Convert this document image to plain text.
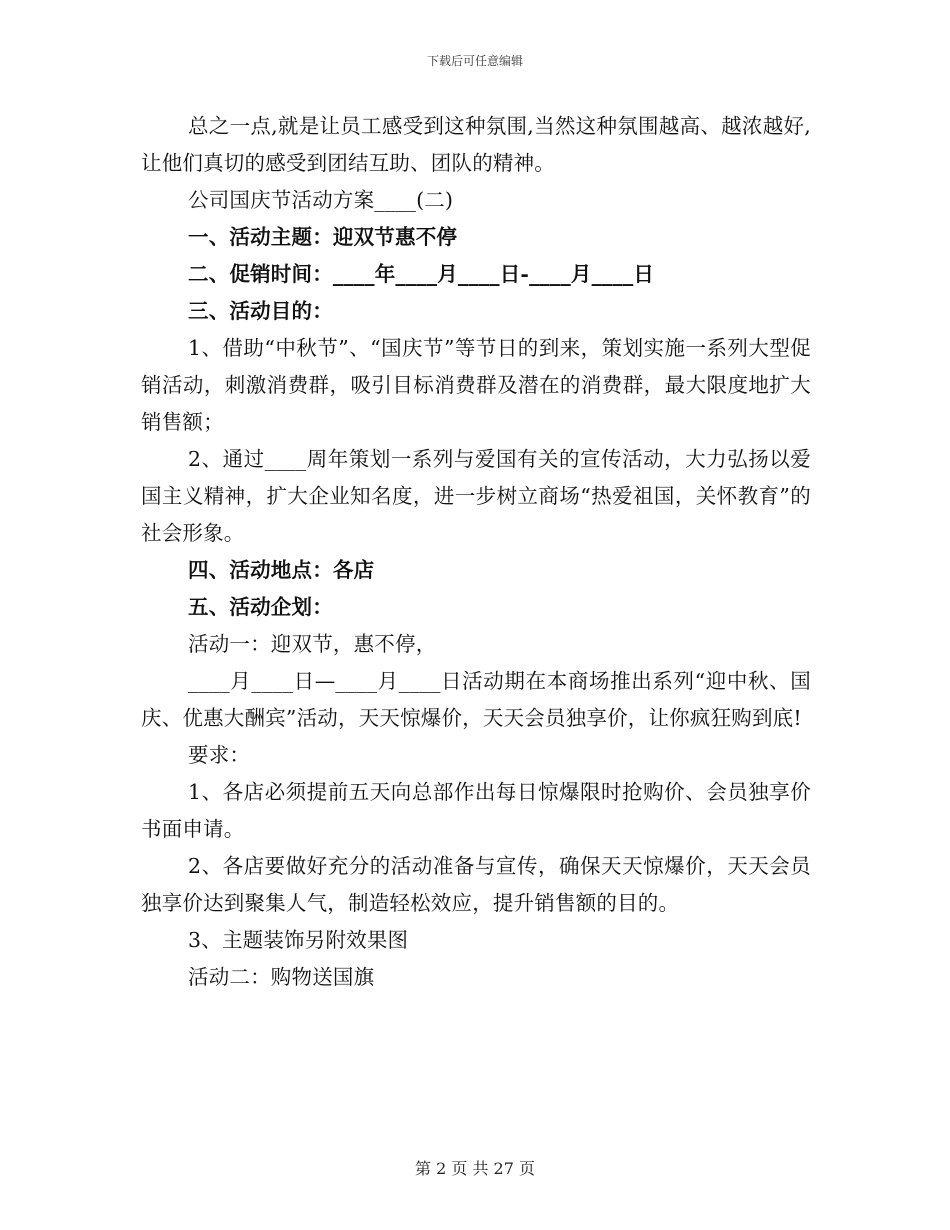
下载后可任意编辑

总之一点,就是让员工感受到这种氛围,当然这种氛围越高、越浓越好,让他们真切的感受到团结互助、团队的精神。

公司国庆节活动方案____(二)

一、活动主题：迎双节惠不停

二、促销时间：____年____月____日-____月____日

三、活动目的：

1、借助“中秋节”、“国庆节”等节日的到来，策划实施一系列大型促销活动，刺激消费群，吸引目标消费群及潜在的消费群，最大限度地扩大销售额；

2、通过____周年策划一系列与爱国有关的宣传活动，大力弘扬以爱国主义精神，扩大企业知名度，进一步树立商场“热爱祖国，关怀教育”的社会形象。

四、活动地点：各店

五、活动企划：

活动一：迎双节，惠不停，

____月____日—____月____日活动期在本商场推出系列“迎中秋、国庆、优惠大酬宾”活动，天天惊爆价，天天会员独享价，让你疯狂购到底!

要求：

1、各店必须提前五天向总部作出每日惊爆限时抢购价、会员独享价书面申请。

2、各店要做好充分的活动准备与宣传，确保天天惊爆价，天天会员独享价达到聚集人气，制造轻松效应，提升销售额的目的。

3、主题装饰另附效果图

活动二：购物送国旗

第 2 页 共 27 页
